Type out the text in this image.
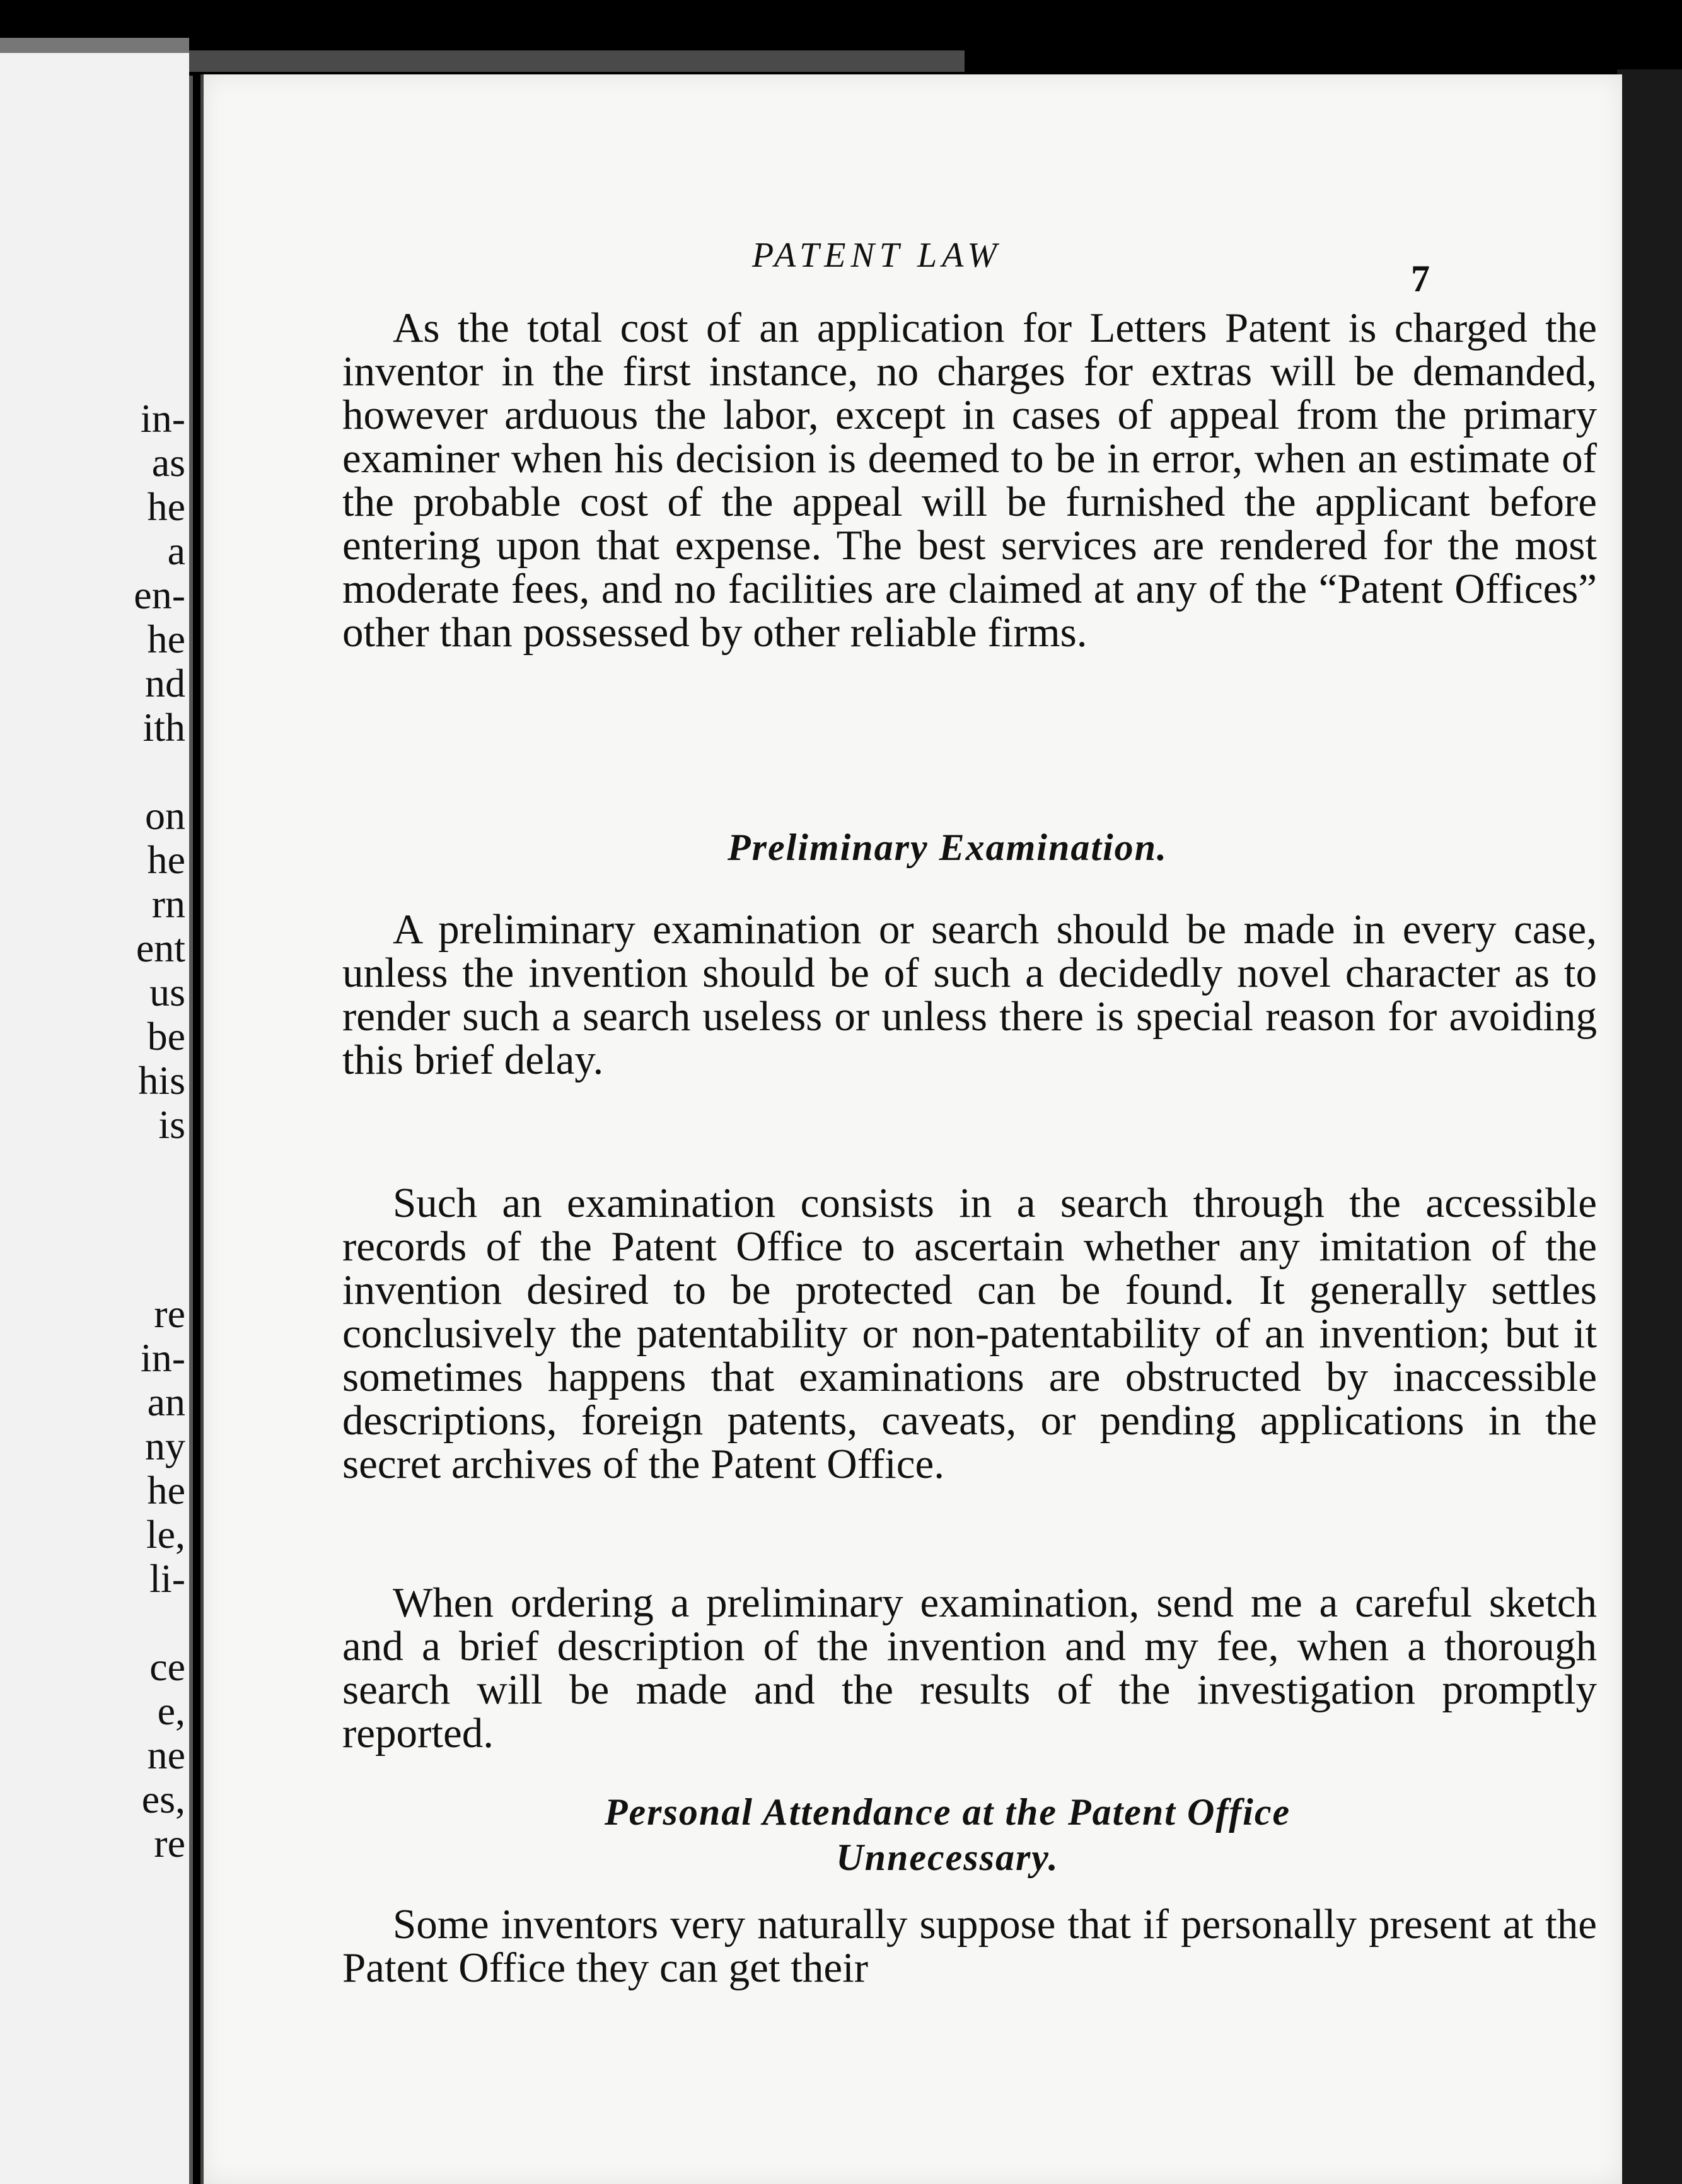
in-
as
he
a
en-
he
nd
ith
on
he
rn
ent
us
be
his
is
re
in-
an
ny
he
le,
li-
ce
e,
ne
es,
re
PATENT LAW
7

As the total cost of an application for Letters Patent is charged the inventor in the first instance, no charges for extras will be demanded, however arduous the labor, except in cases of appeal from the primary examiner when his decision is deemed to be in error, when an estimate of the probable cost of the appeal will be furnished the applicant before entering upon that expense. The best services are rendered for the most moderate fees, and no facilities are claimed at any of the “Patent Offices” other than possessed by other reliable firms.

Preliminary Examination.

A preliminary examination or search should be made in every case, unless the invention should be of such a decidedly novel character as to render such a search useless or unless there is special reason for avoiding this brief delay.

Such an examination consists in a search through the accessible records of the Patent Office to ascertain whether any imitation of the invention desired to be protected can be found. It generally settles conclusively the patentability or non-patentability of an invention; but it sometimes happens that examinations are obstructed by inaccessible descriptions, foreign patents, caveats, or pending applications in the secret archives of the Patent Office.

When ordering a preliminary examination, send me a careful sketch and a brief description of the invention and my fee, when a thorough search will be made and the results of the investigation promptly reported.

Personal Attendance at the Patent Office
Unnecessary.

Some inventors very naturally suppose that if personally present at the Patent Office they can get their
